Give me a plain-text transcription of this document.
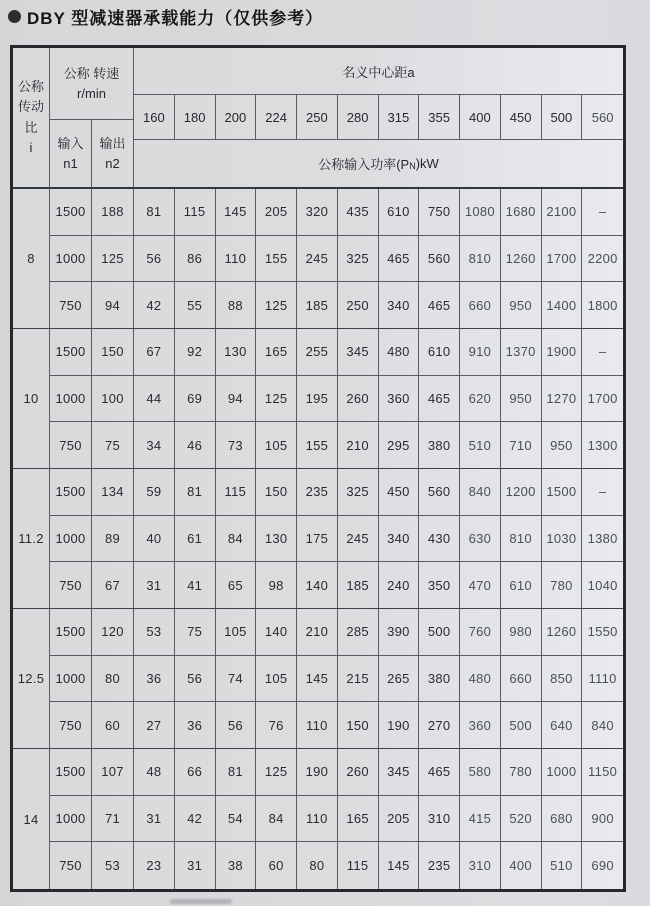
DBY 型减速器承载能力（仅供参考）
公称
传动
比
i
公称 转速
r/min
输入
n1
输出
n2
名义中心距a
160	180	200	224	250	280	315	355	400	450	500	560
公称输入功率(P N )kW
8
1500	188	81	115	145	205	320	435	610	750	1080 1680 2100	–
1000	125	56	86	110	155	245	325	465	560	810	1260 1700 2200
750	94	42	55	88	125	185	250	340	465	660	950	1400 1800
10
1500	150	67	92	130	165	255	345	480	610	910	1370 1900	–
1000	100	44	69	94	125	195	260	360	465	620	950	1270 1700
750	75	34	46	73	105	155	210	295	380	510	710	950	1300
11.2
1500	134	59	81	115	150	235	325	450	560	840	1200 1500	–
1000	89	40	61	84	130	175	245	340	430	630	810	1030 1380
750	67	31	41	65	98	140	185	240	350	470	610	780	1040
12.5
1500	120	53	75	105	140	210	285	390	500	760	980	1260 1550
1000	80	36	56	74	105	145	215	265	380	480	660	850	1110
750	60	27	36	56	76	110	150	190	270	360	500	640	840
14
1500	107	48	66	81	125	190	260	345	465	580	780	1000 1150
1000	71	31	42	54	84	110	165	205	310	415	520	680	900
750	53	23	31	38	60	80	115	145	235	310	400	510	690
